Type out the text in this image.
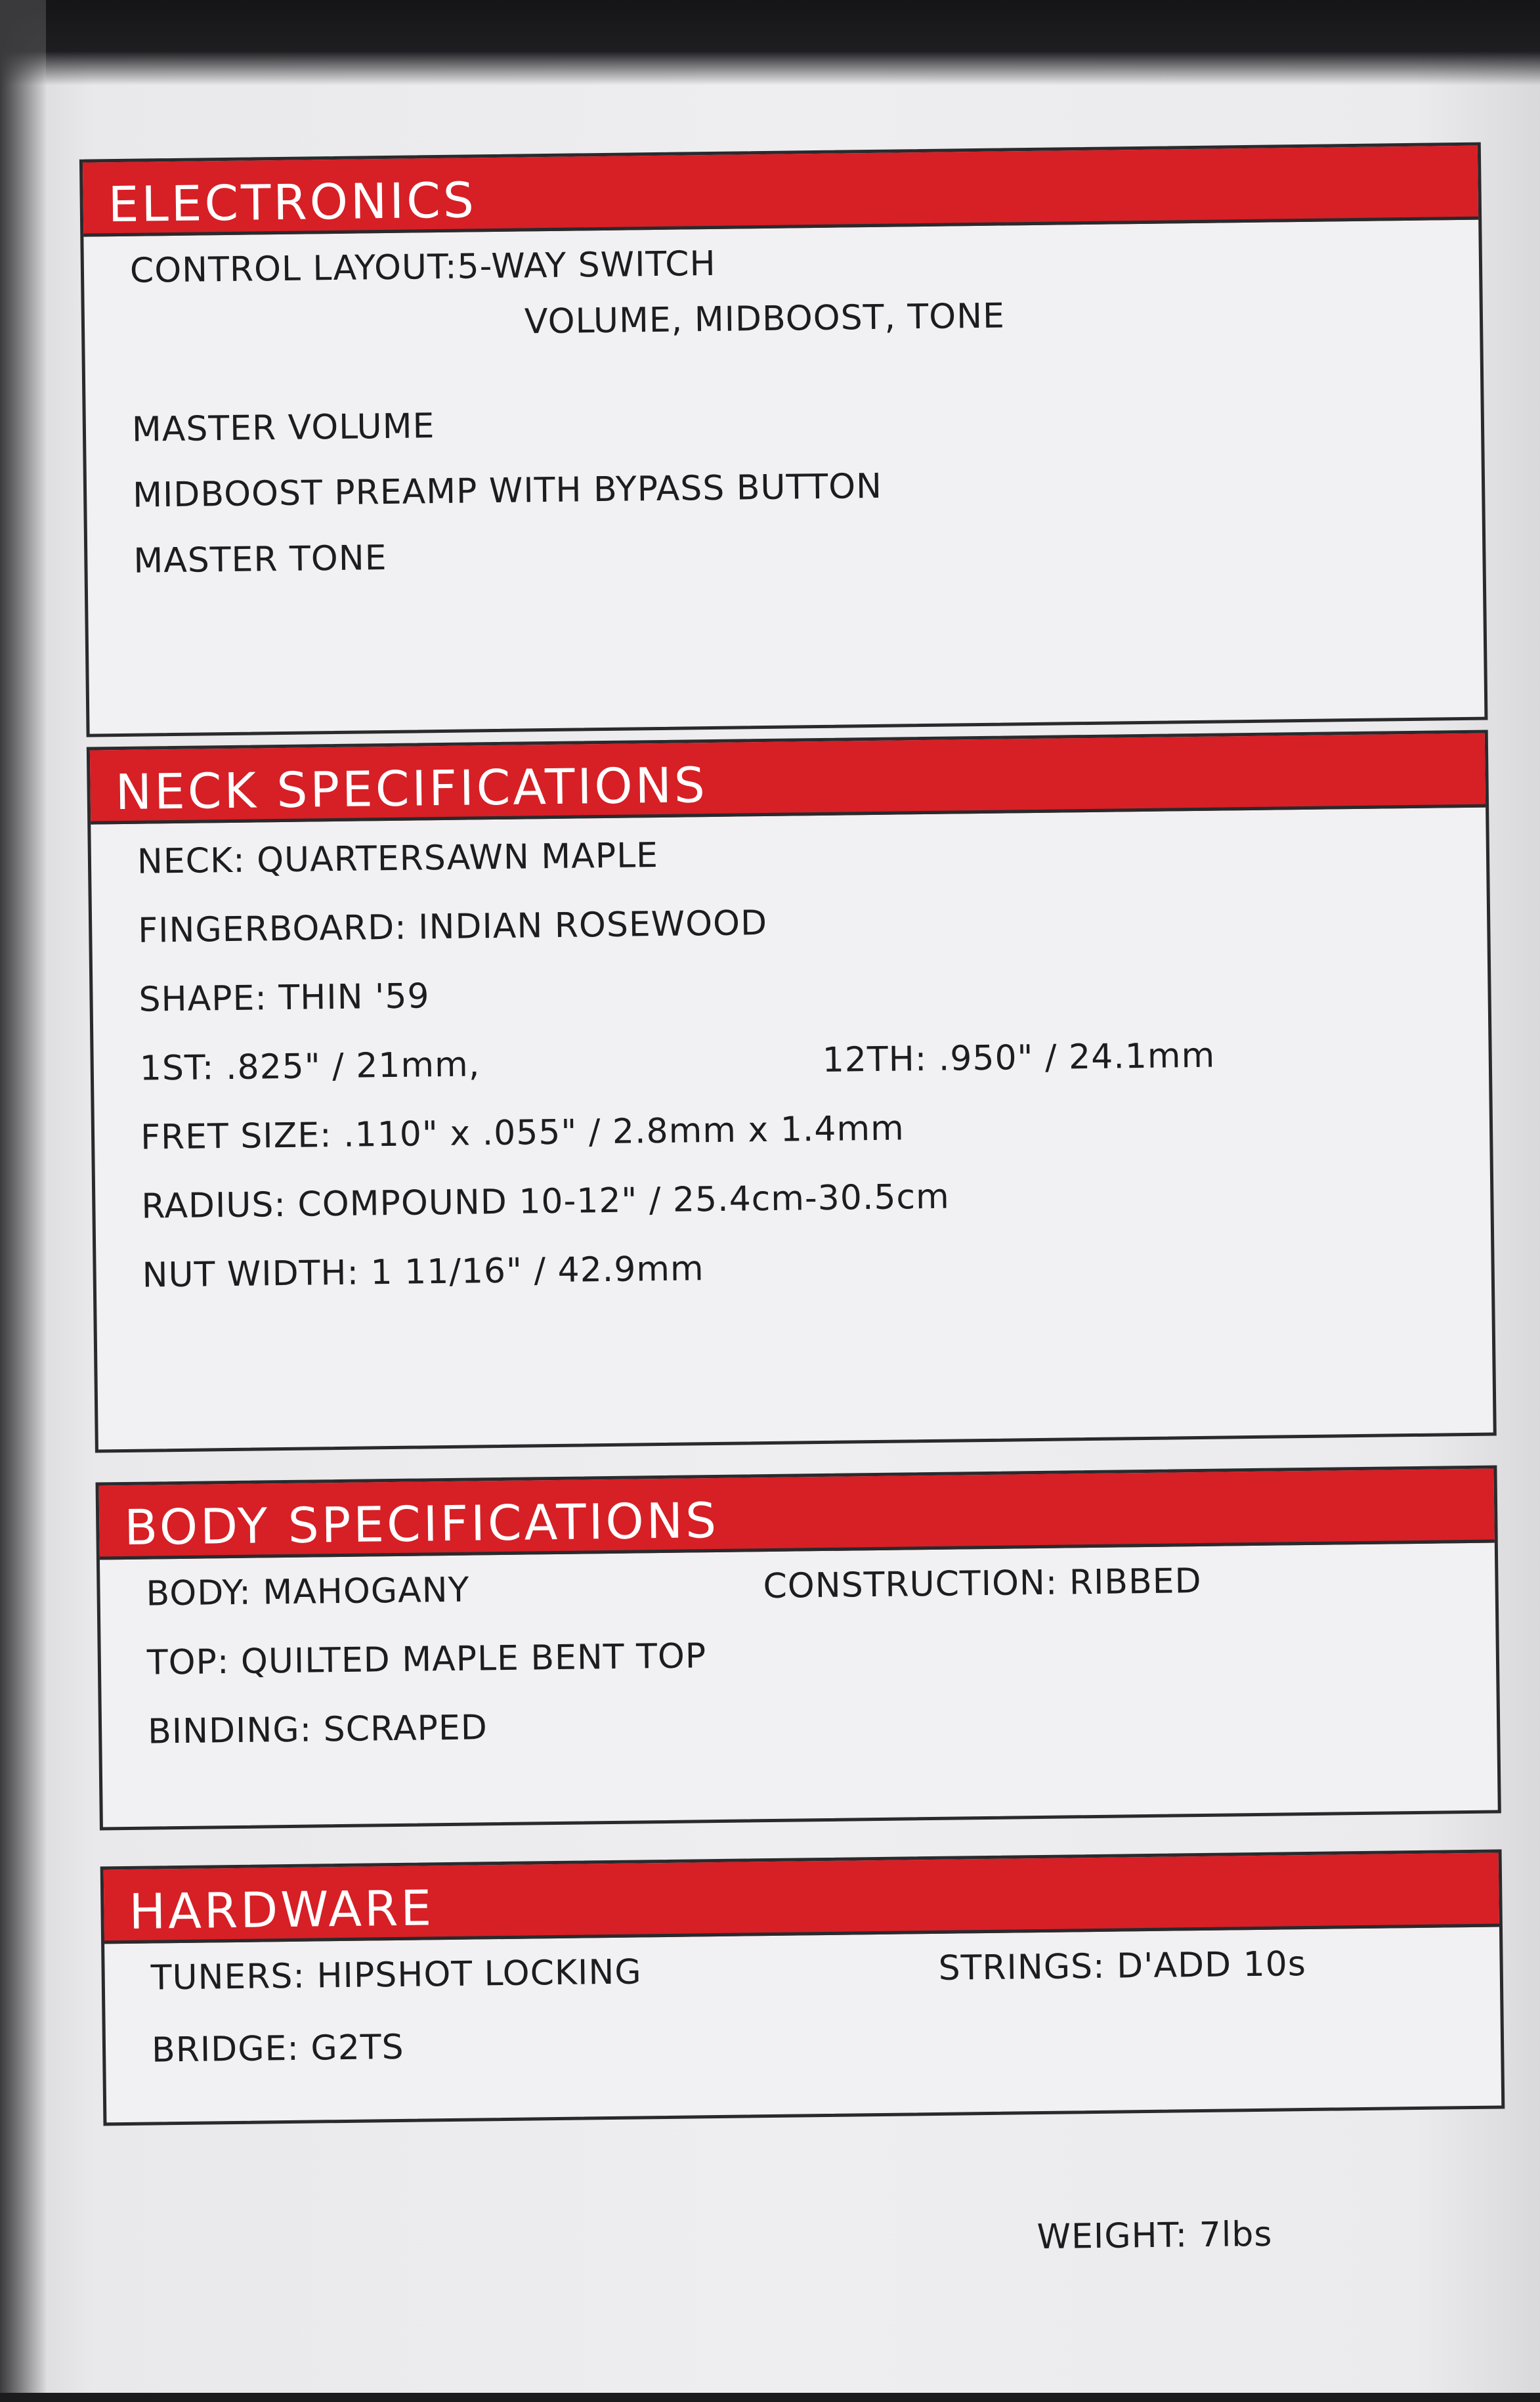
ELECTRONICS
CONTROL LAYOUT:5-WAY SWITCH
VOLUME, MIDBOOST, TONE
MASTER VOLUME
MIDBOOST PREAMP WITH BYPASS BUTTON
MASTER TONE
NECK SPECIFICATIONS
NECK: QUARTERSAWN MAPLE
FINGERBOARD: INDIAN ROSEWOOD
SHAPE: THIN '59
1ST: .825" / 21mm,	12TH: .950" / 24.1mm
FRET SIZE: .110" x .055" / 2.8mm x 1.4mm
RADIUS: COMPOUND 10-12" / 25.4cm-30.5cm
NUT WIDTH: 1 11/16" / 42.9mm
BODY SPECIFICATIONS
BODY: MAHOGANY	CONSTRUCTION: RIBBED
TOP: QUILTED MAPLE BENT TOP
BINDING: SCRAPED
HARDWARE
TUNERS: HIPSHOT LOCKING	STRINGS: D'ADD 10s
BRIDGE: G2TS
WEIGHT: 7lbs
